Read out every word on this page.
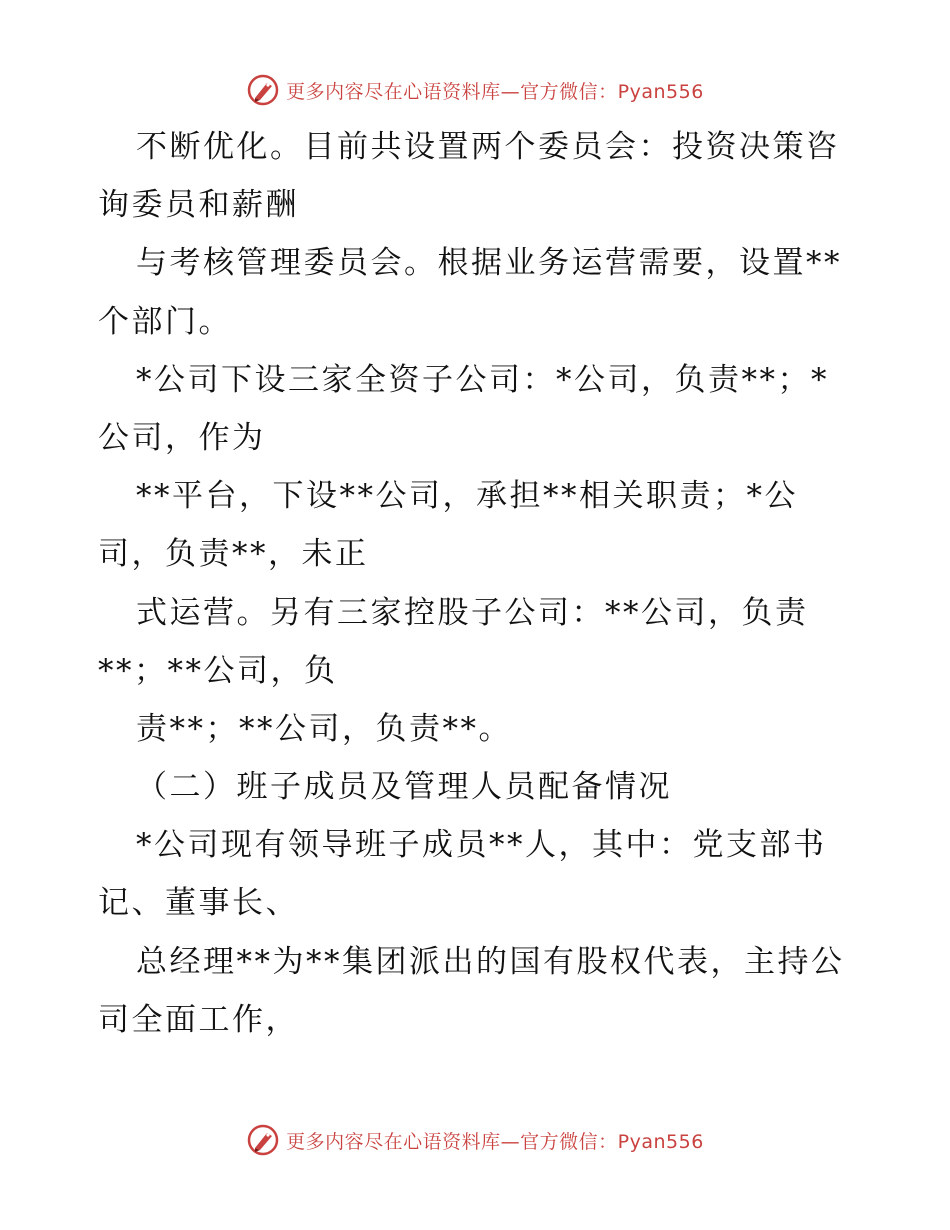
更多内容尽在心语资料库—官方微信：Pyan556
不断优化。目前共设置两个委员会：投资决策咨
询委员和薪酬
与考核管理委员会。根据业务运营需要，设置**
个部门。
*公司下设三家全资子公司：*公司，负责**；*
公司，作为
**平台，下设**公司，承担**相关职责；*公
司，负责**，未正
式运营。另有三家控股子公司：**公司，负责
**；**公司，负
责**；**公司，负责**。
（二）班子成员及管理人员配备情况
*公司现有领导班子成员**人，其中：党支部书
记、董事长、
总经理**为**集团派出的国有股权代表，主持公
司全面工作，
更多内容尽在心语资料库—官方微信：Pyan556
